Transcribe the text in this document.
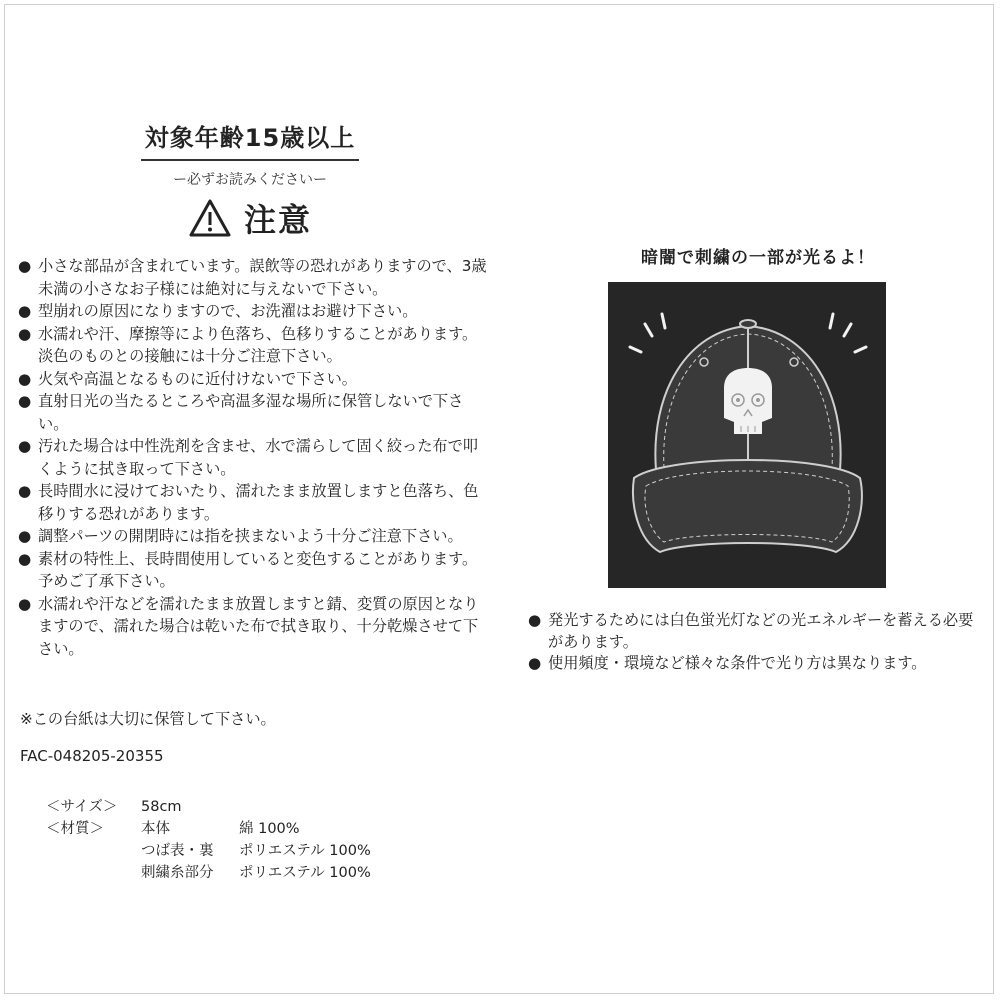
対象年齢15歳以上
ー必ずお読みくださいー
注意
● 小さな部品が含まれています。誤飲等の恐れがありますので、3歳未満の小さなお子様には絶対に与えないで下さい。
● 型崩れの原因になりますので、お洗濯はお避け下さい。
● 水濡れや汗、摩擦等により色落ち、色移りすることがあります。淡色のものとの接触には十分ご注意下さい。
● 火気や高温となるものに近付けないで下さい。
● 直射日光の当たるところや高温多湿な場所に保管しないで下さい。
● 汚れた場合は中性洗剤を含ませ、水で濡らして固く絞った布で叩くように拭き取って下さい。
● 長時間水に浸けておいたり、濡れたまま放置しますと色落ち、色移りする恐れがあります。
● 調整パーツの開閉時には指を挟まないよう十分ご注意下さい。
● 素材の特性上、長時間使用していると変色することがあります。予めご了承下さい。
● 水濡れや汗などを濡れたまま放置しますと錆、変質の原因となりますので、濡れた場合は乾いた布で拭き取り、十分乾燥させて下さい。
※この台紙は大切に保管して下さい。
FAC-048205-20355
＜サイズ＞	58cm
＜材質＞	本体	綿 100%
つば表・裏	ポリエステル 100%
刺繍糸部分	ポリエステル 100%
暗闇で刺繍の一部が光るよ！
● 発光するためには白色蛍光灯などの光エネルギーを蓄える必要があります。
● 使用頻度・環境など様々な条件で光り方は異なります。
